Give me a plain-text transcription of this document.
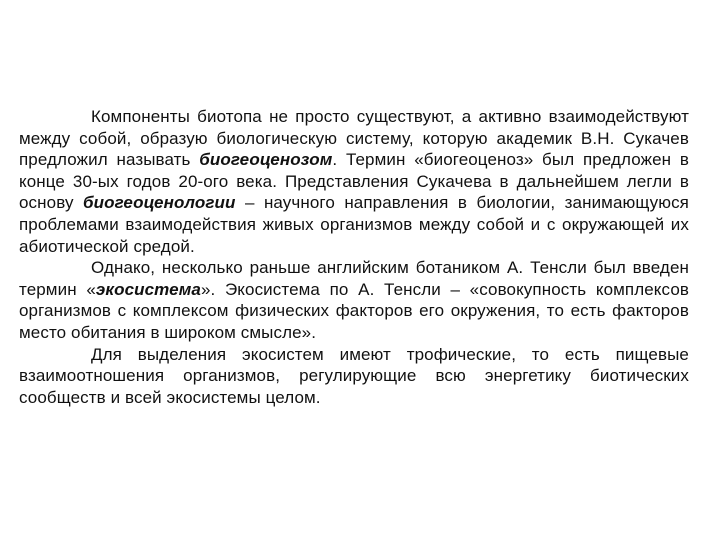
Компоненты биотопа не просто существуют, а активно взаимодействуют между собой, образую биологическую систему, которую академик В.Н. Сукачев предложил называть биогеоценозом. Термин «биогеоценоз» был предложен в конце 30-ых годов 20-ого века. Представления Сукачева в дальнейшем легли в основу биогеоценологии – научного направления в биологии, занимающуюся проблемами взаимодействия живых организмов между собой и с окружающей их абиотической средой.

Однако, несколько раньше английским ботаником А. Тенсли был введен термин «экосистема». Экосистема по А. Тенсли – «совокупность комплексов организмов с комплексом физических факторов его окружения, то есть факторов место обитания в широком смысле».

Для выделения экосистем имеют трофические, то есть пищевые взаимоотношения организмов, регулирующие всю энергетику биотических сообществ и всей экосистемы целом.
